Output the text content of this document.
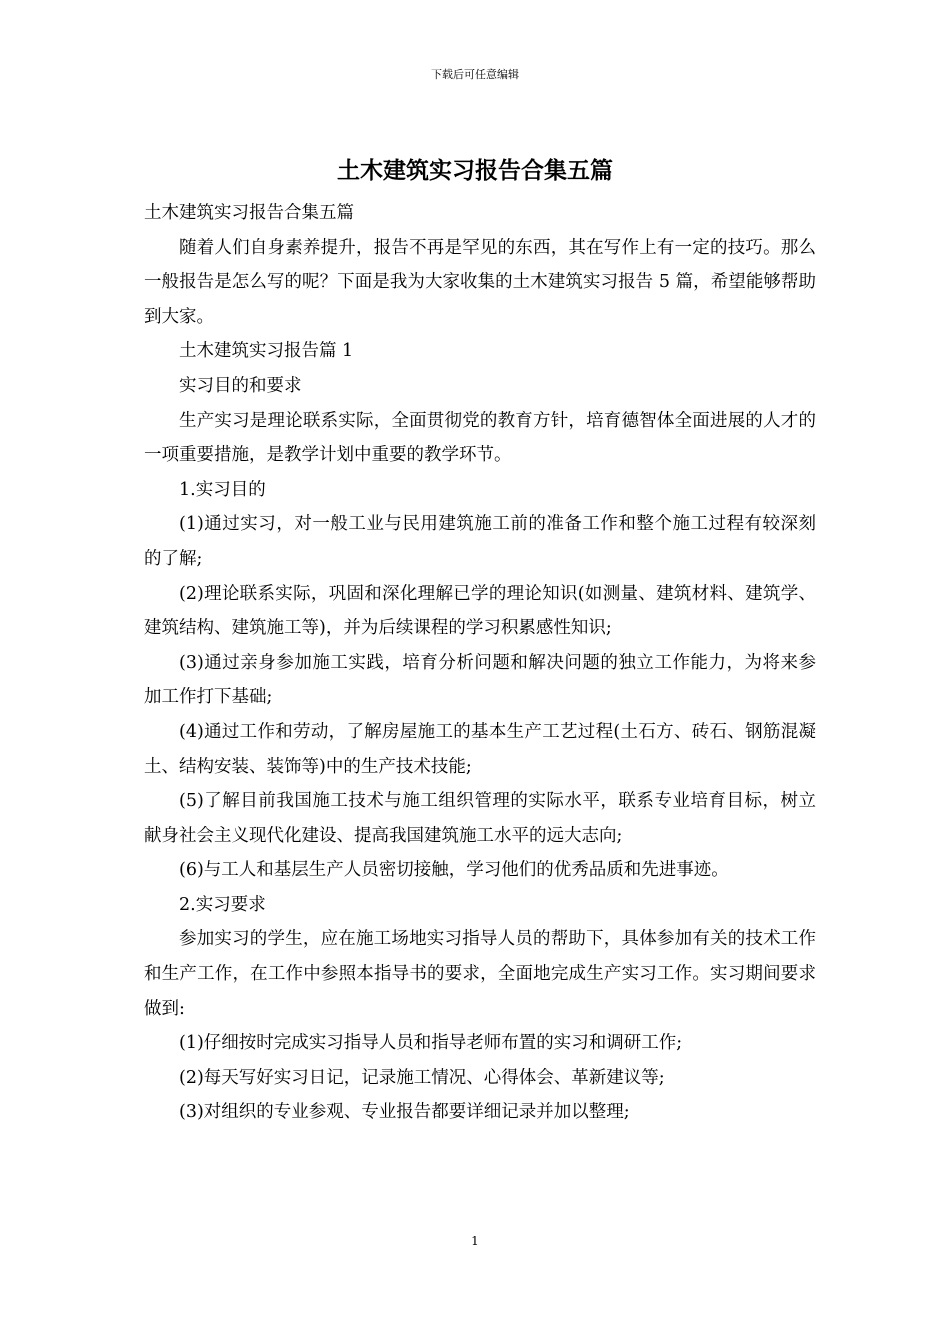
下载后可任意编辑
土木建筑实习报告合集五篇

土木建筑实习报告合集五篇

随着人们自身素养提升，报告不再是罕见的东西，其在写作上有一定的技巧。那么一般报告是怎么写的呢？下面是我为大家收集的土木建筑实习报告 5 篇，希望能够帮助到大家。

土木建筑实习报告篇 1

实习目的和要求

生产实习是理论联系实际，全面贯彻党的教育方针，培育德智体全面进展的人才的一项重要措施，是教学计划中重要的教学环节。

1.实习目的

(1)通过实习，对一般工业与民用建筑施工前的准备工作和整个施工过程有较深刻的了解;

(2)理论联系实际，巩固和深化理解已学的理论知识(如测量、建筑材料、建筑学、建筑结构、建筑施工等)，并为后续课程的学习积累感性知识;

(3)通过亲身参加施工实践，培育分析问题和解决问题的独立工作能力，为将来参加工作打下基础;

(4)通过工作和劳动，了解房屋施工的基本生产工艺过程(土石方、砖石、钢筋混凝土、结构安装、装饰等)中的生产技术技能;

(5)了解目前我国施工技术与施工组织管理的实际水平，联系专业培育目标，树立献身社会主义现代化建设、提高我国建筑施工水平的远大志向;

(6)与工人和基层生产人员密切接触，学习他们的优秀品质和先进事迹。

2.实习要求

参加实习的学生，应在施工场地实习指导人员的帮助下，具体参加有关的技术工作和生产工作，在工作中参照本指导书的要求，全面地完成生产实习工作。实习期间要求做到:

(1)仔细按时完成实习指导人员和指导老师布置的实习和调研工作;

(2)每天写好实习日记，记录施工情况、心得体会、革新建议等;

(3)对组织的专业参观、专业报告都要详细记录并加以整理;

1
